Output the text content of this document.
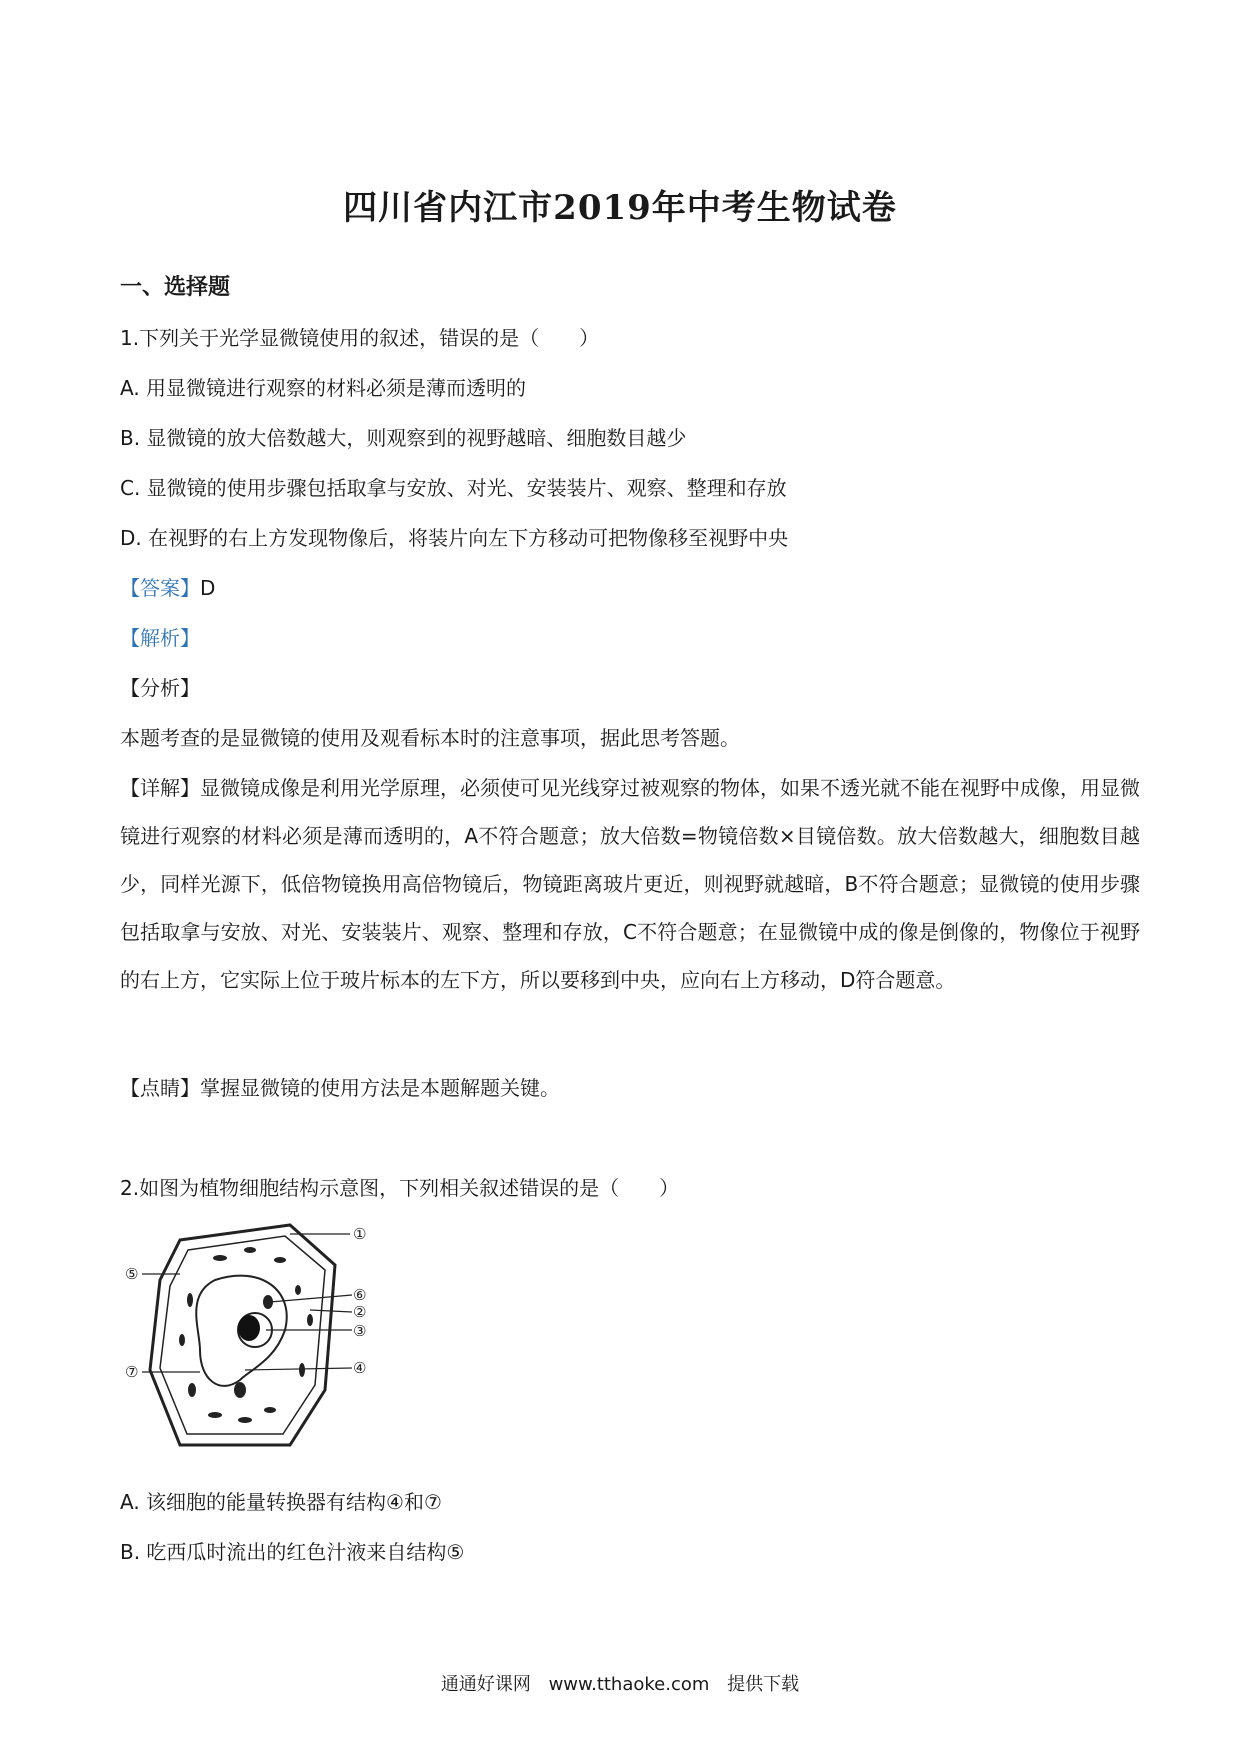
四川省内江市2019年中考生物试卷
一、选择题
1.下列关于光学显微镜使用的叙述，错误的是（　　）
A. 用显微镜进行观察的材料必须是薄而透明的
B. 显微镜的放大倍数越大，则观察到的视野越暗、细胞数目越少
C. 显微镜的使用步骤包括取拿与安放、对光、安装装片、观察、整理和存放
D. 在视野的右上方发现物像后，将装片向左下方移动可把物像移至视野中央
【答案】D
【解析】
【分析】
本题考查的是显微镜的使用及观看标本时的注意事项，据此思考答题。
【详解】显微镜成像是利用光学原理，必须使可见光线穿过被观察的物体，如果不透光就不能在视野中成像，用显微镜进行观察的材料必须是薄而透明的，A不符合题意；放大倍数=物镜倍数×目镜倍数。放大倍数越大，细胞数目越少，同样光源下，低倍物镜换用高倍物镜后，物镜距离玻片更近，则视野就越暗，B不符合题意；显微镜的使用步骤包括取拿与安放、对光、安装装片、观察、整理和存放，C不符合题意；在显微镜中成的像是倒像的，物像位于视野的右上方，它实际上位于玻片标本的左下方，所以要移到中央，应向右上方移动，D符合题意。
【点睛】掌握显微镜的使用方法是本题解题关键。
2.如图为植物细胞结构示意图，下列相关叙述错误的是（　　）
①
②
③
④
⑤
⑥
⑦
A. 该细胞的能量转换器有结构④和⑦
B. 吃西瓜时流出的红色汁液来自结构⑤
通通好课网 www.tthaoke.com 提供下载
